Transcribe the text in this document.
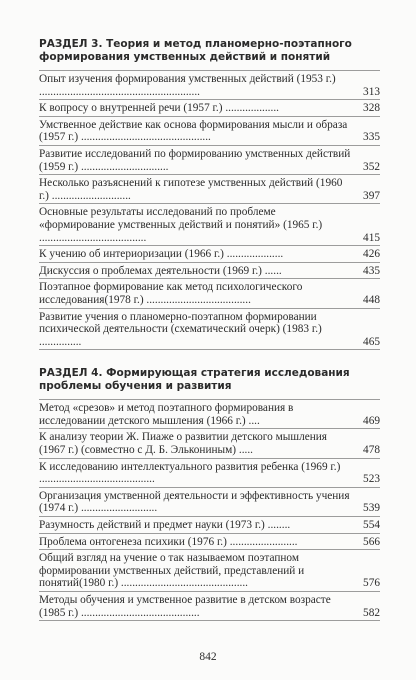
РАЗДЕЛ 3. Теория и метод планомерно-поэтапного формирования умственных действий и понятий
Опыт изучения формирования умственных действий (1953 г.) .........................................................	313
К вопросу о внутренней речи (1957 г.) ...................	328
Умственное действие как основа формирования мысли и образа (1957 г.) ..............................................	335
Развитие исследований по формированию умственных действий (1959 г.) ...............................	352
Несколько разъяснений к гипотезе умственных действий (1960 г.) ............................	397
Основные результаты исследований по проблеме «формирование умственных действий и понятий» (1965 г.) ......................................	415
К учению об интериоризации (1966 г.) ....................	426
Дискуссия о проблемах деятельности (1969 г.) ......	435
Поэтапное формирование как метод психологического исследования(1978 г.) .....................................	448
Развитие учения о планомерно-поэтапном формировании психической деятельности (схематический очерк) (1983 г.) ...............	465
РАЗДЕЛ 4. Формирующая стратегия исследования проблемы обучения и развития
Метод «срезов» и метод поэтапного формирования в исследовании детского мышления (1966 г.) ....	469
К анализу теории Ж. Пиаже о развитии детского мышления (1967 г.) (совместно с Д. Б. Элькониным) .....	478
К исследованию интеллектуального развития ребенка (1969 г.) .........................................	523
Организация умственной деятельности и эффективность учения (1974 г.) ...........................	539
Разумность действий и предмет науки (1973 г.) ........	554
Проблема онтогенеза психики (1976 г.) ........................	566
Общий взгляд на учение о так называемом поэтапном формировании умственных действий, представлений и понятий(1980 г.) .............................................	576
Методы обучения и умственное развитие в детском возрасте (1985 г.) ..........................................	582
842
